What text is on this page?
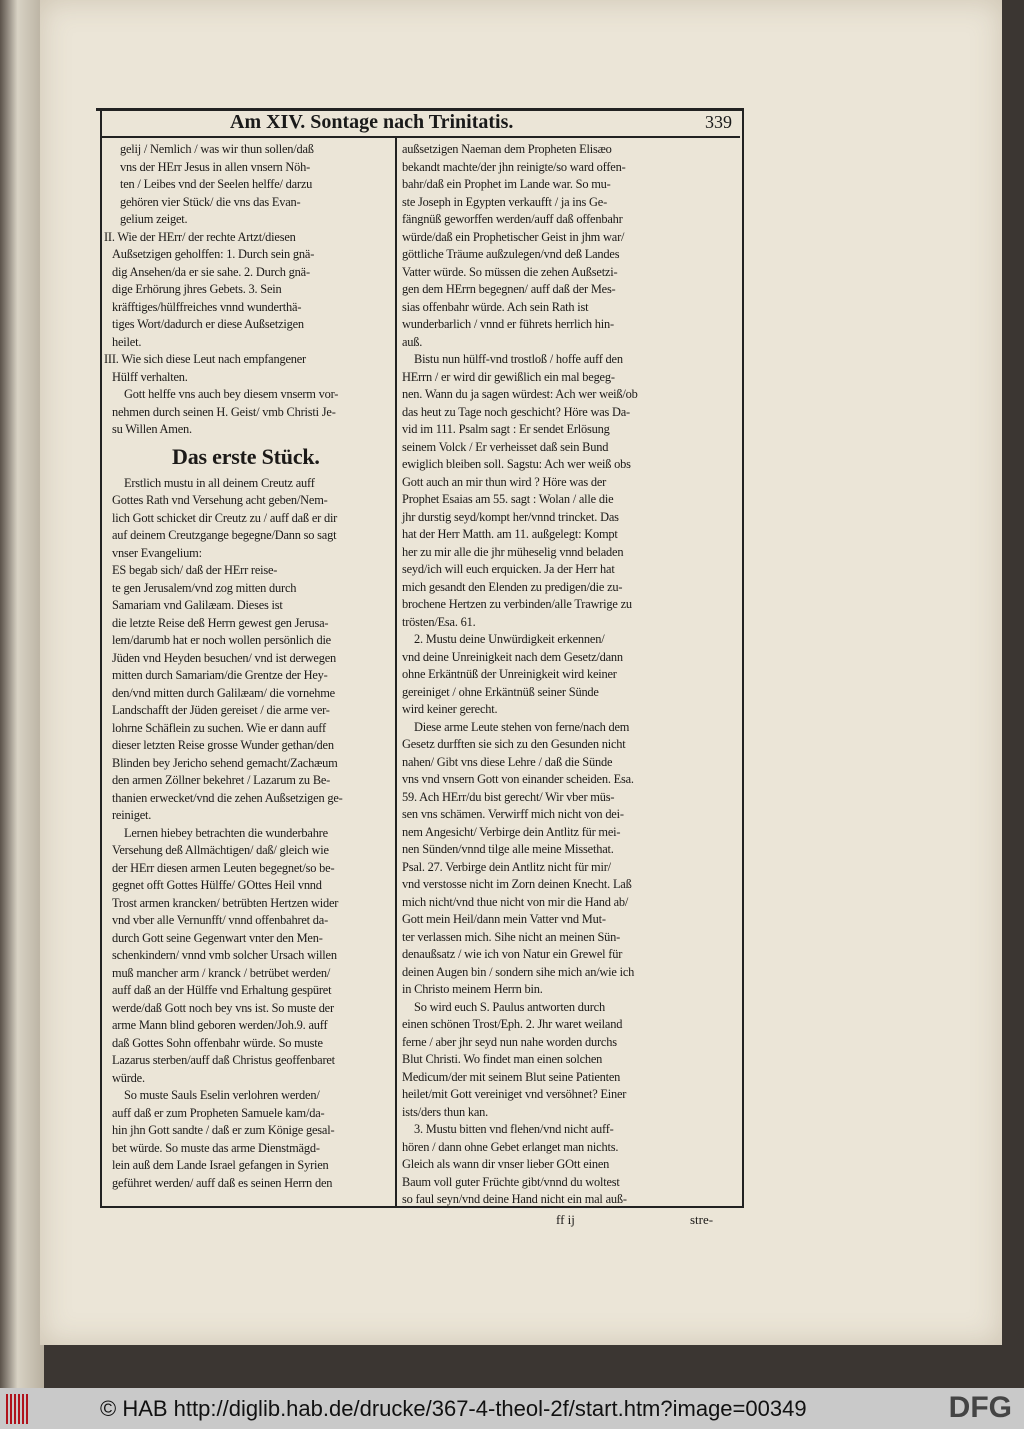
Am XIV. Sontage nach Trinitatis.	339
gelij / Nemlich / was wir thun sollen/daß
vns der HErr Jesus in allen vnsern Nöh-
ten / Leibes vnd der Seelen helffe/ darzu
gehören vier Stück/ die vns das Evan-
gelium zeiget.
II. Wie der HErr/ der rechte Artzt/diesen
Außsetzigen geholffen: 1. Durch sein gnä-
dig Ansehen/da er sie sahe. 2. Durch gnä-
dige Erhörung jhres Gebets. 3. Sein
kräfftiges/hülffreiches vnnd wunderthä-
tiges Wort/dadurch er diese Außsetzigen
heilet.
III. Wie sich diese Leut nach empfangener
Hülff verhalten.
Gott helffe vns auch bey diesem vnserm vor-
nehmen durch seinen H. Geist/ vmb Christi Je-
su Willen Amen.
Das erste Stück.
Erstlich mustu in all deinem Creutz auff
Gottes Rath vnd Versehung acht geben/Nem-
lich Gott schicket dir Creutz zu / auff daß er dir
auf deinem Creutzgange begegne/Dann so sagt
vnser Evangelium:
ES begab sich/ daß der HErr reise-
te gen Jerusalem/vnd zog mitten durch
Samariam vnd Galilæam. Dieses ist
die letzte Reise deß Herrn gewest gen Jerusa-
lem/darumb hat er noch wollen persönlich die
Jüden vnd Heyden besuchen/ vnd ist derwegen
mitten durch Samariam/die Grentze der Hey-
den/vnd mitten durch Galilæam/ die vornehme
Landschafft der Jüden gereiset / die arme ver-
lohrne Schäflein zu suchen. Wie er dann auff
dieser letzten Reise grosse Wunder gethan/den
Blinden bey Jericho sehend gemacht/Zachæum
den armen Zöllner bekehret / Lazarum zu Be-
thanien erwecket/vnd die zehen Außsetzigen ge-
reiniget.
Lernen hiebey betrachten die wunderbahre
Versehung deß Allmächtigen/ daß/ gleich wie
der HErr diesen armen Leuten begegnet/so be-
gegnet offt Gottes Hülffe/ GOttes Heil vnnd
Trost armen krancken/ betrübten Hertzen wider
vnd vber alle Vernunfft/ vnnd offenbahret da-
durch Gott seine Gegenwart vnter den Men-
schenkindern/ vnnd vmb solcher Ursach willen
muß mancher arm / kranck / betrübet werden/
auff daß an der Hülffe vnd Erhaltung gespüret
werde/daß Gott noch bey vns ist. So muste der
arme Mann blind geboren werden/Joh.9. auff
daß Gottes Sohn offenbahr würde. So muste
Lazarus sterben/auff daß Christus geoffenbaret
würde.
So muste Sauls Eselin verlohren werden/
auff daß er zum Propheten Samuele kam/da-
hin jhn Gott sandte / daß er zum Könige gesal-
bet würde. So muste das arme Dienstmägd-
lein auß dem Lande Israel gefangen in Syrien
geführet werden/ auff daß es seinen Herrn den
außsetzigen Naeman dem Propheten Elisæo
bekandt machte/der jhn reinigte/so ward offen-
bahr/daß ein Prophet im Lande war. So mu-
ste Joseph in Egypten verkaufft / ja ins Ge-
fängnüß geworffen werden/auff daß offenbahr
würde/daß ein Prophetischer Geist in jhm war/
göttliche Träume außzulegen/vnd deß Landes
Vatter würde. So müssen die zehen Außsetzi-
gen dem HErrn begegnen/ auff daß der Mes-
sias offenbahr würde. Ach sein Rath ist
wunderbarlich / vnnd er führets herrlich hin-
auß.
Bistu nun hülff-vnd trostloß / hoffe auff den
HErrn / er wird dir gewißlich ein mal begeg-
nen. Wann du ja sagen würdest: Ach wer weiß/ob
das heut zu Tage noch geschicht? Höre was Da-
vid im 111. Psalm sagt : Er sendet Erlösung
seinem Volck / Er verheisset daß sein Bund
ewiglich bleiben soll. Sagstu: Ach wer weiß obs
Gott auch an mir thun wird ? Höre was der
Prophet Esaias am 55. sagt : Wolan / alle die
jhr durstig seyd/kompt her/vnnd trincket. Das
hat der Herr Matth. am 11. außgelegt: Kompt
her zu mir alle die jhr müheselig vnnd beladen
seyd/ich will euch erquicken. Ja der Herr hat
mich gesandt den Elenden zu predigen/die zu-
brochene Hertzen zu verbinden/alle Trawrige zu
trösten/Esa. 61.
2. Mustu deine Unwürdigkeit erkennen/
vnd deine Unreinigkeit nach dem Gesetz/dann
ohne Erkäntnüß der Unreinigkeit wird keiner
gereiniget / ohne Erkäntnüß seiner Sünde
wird keiner gerecht.
Diese arme Leute stehen von ferne/nach dem
Gesetz durfften sie sich zu den Gesunden nicht
nahen/ Gibt vns diese Lehre / daß die Sünde
vns vnd vnsern Gott von einander scheiden. Esa.
59. Ach HErr/du bist gerecht/ Wir vber müs-
sen vns schämen. Verwirff mich nicht von dei-
nem Angesicht/ Verbirge dein Antlitz für mei-
nen Sünden/vnnd tilge alle meine Missethat.
Psal. 27. Verbirge dein Antlitz nicht für mir/
vnd verstosse nicht im Zorn deinen Knecht. Laß
mich nicht/vnd thue nicht von mir die Hand ab/
Gott mein Heil/dann mein Vatter vnd Mut-
ter verlassen mich. Sihe nicht an meinen Sün-
denaußsatz / wie ich von Natur ein Grewel für
deinen Augen bin / sondern sihe mich an/wie ich
in Christo meinem Herrn bin.
So wird euch S. Paulus antworten durch
einen schönen Trost/Eph. 2. Jhr waret weiland
ferne / aber jhr seyd nun nahe worden durchs
Blut Christi. Wo findet man einen solchen
Medicum/der mit seinem Blut seine Patienten
heilet/mit Gott vereiniget vnd versöhnet? Einer
ists/ders thun kan.
3. Mustu bitten vnd flehen/vnd nicht auff-
hören / dann ohne Gebet erlanget man nichts.
Gleich als wann dir vnser lieber GOtt einen
Baum voll guter Früchte gibt/vnnd du woltest
so faul seyn/vnd deine Hand nicht ein mal auß-
ff ij	stre-
© HAB http://diglib.hab.de/drucke/367-4-theol-2f/start.htm?image=00349	DFG
